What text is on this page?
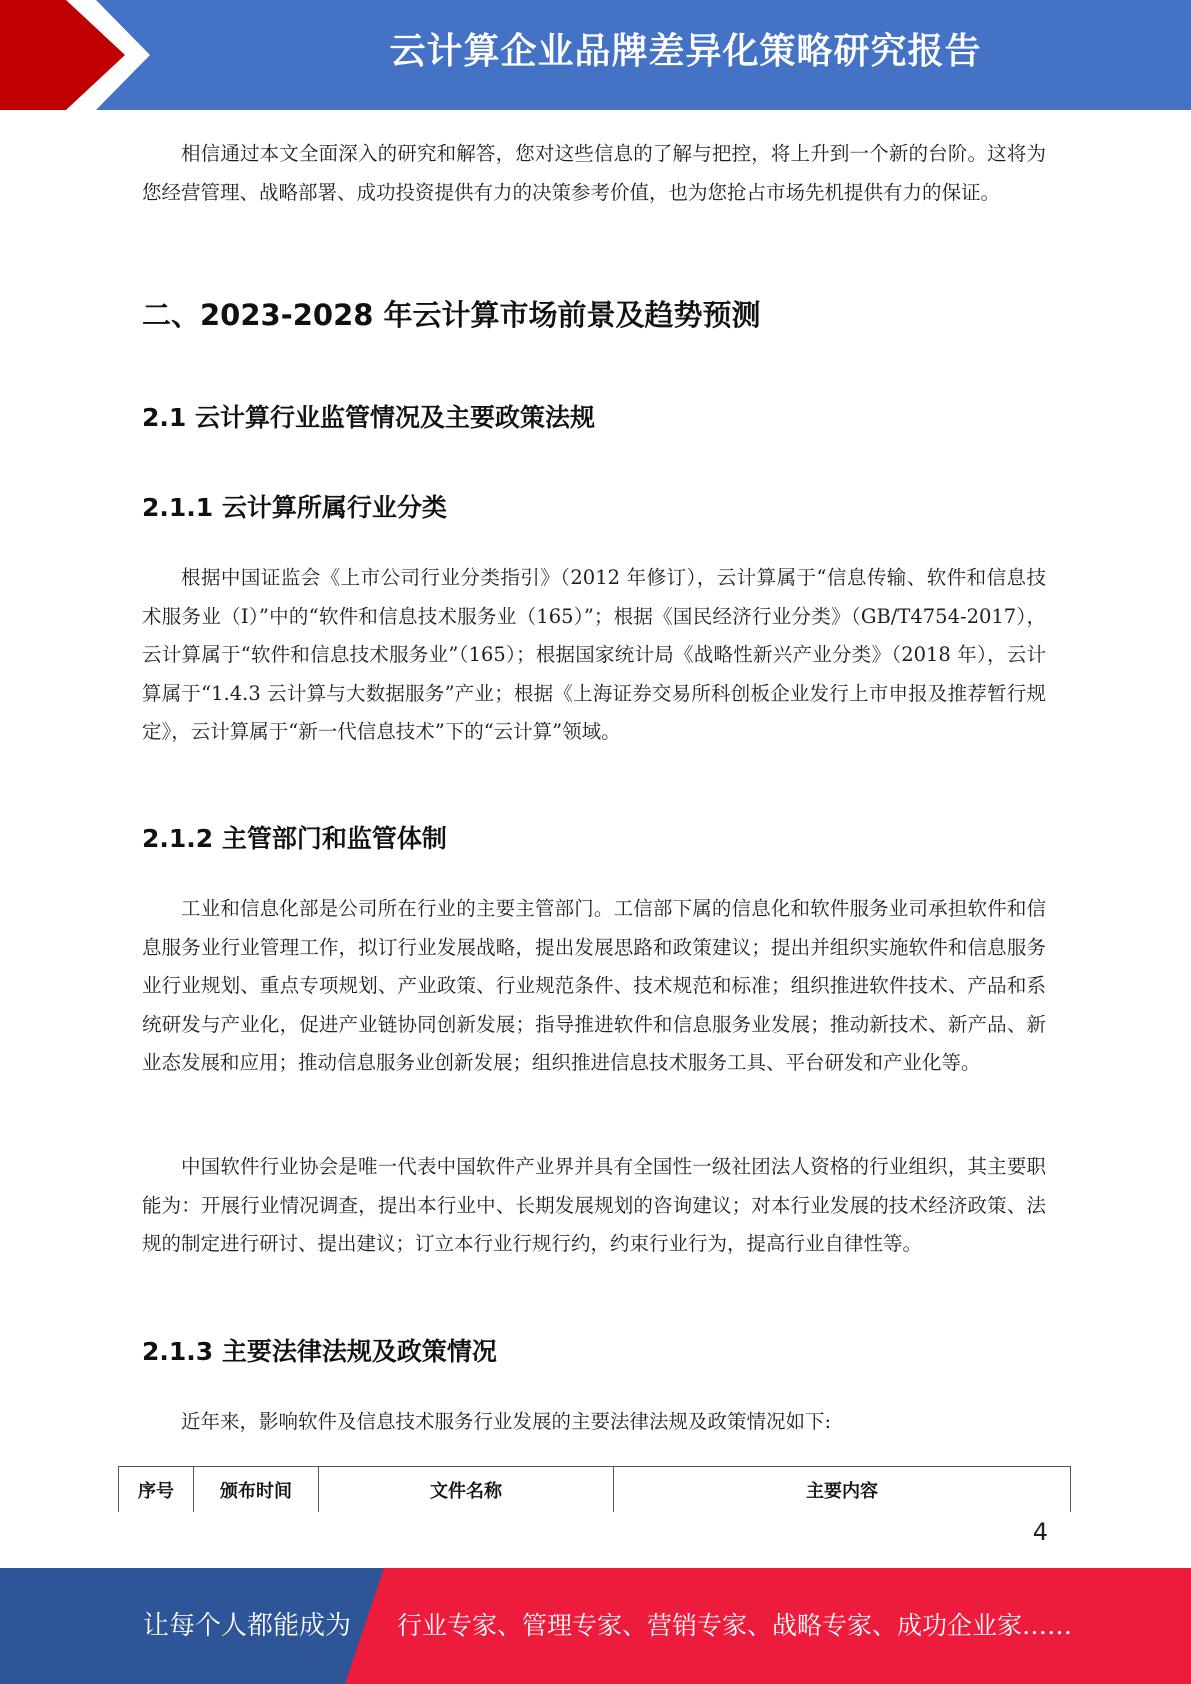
云计算企业品牌差异化策略研究报告

相信通过本文全面深入的研究和解答，您对这些信息的了解与把控，将上升到一个新的台阶。这将为您经营管理、战略部署、成功投资提供有力的决策参考价值，也为您抢占市场先机提供有力的保证。

二、2023-2028 年云计算市场前景及趋势预测
2.1 云计算行业监管情况及主要政策法规
2.1.1 云计算所属行业分类

根据中国证监会《上市公司行业分类指引》（2012 年修订），云计算属于“信息传输、软件和信息技术服务业（I）”中的“软件和信息技术服务业（165）”；根据《国民经济行业分类》（GB/T4754-2017）， 云计算属于“软件和信息技术服务业”（165）；根据国家统计局《战略性新兴产业分类》（2018 年），云计算属于“1.4.3 云计算与大数据服务”产业；根据《上海证券交易所科创板企业发行上市申报及推荐暂行规定》，云计算属于“新一代信息技术”下的“云计算”领域。

2.1.2 主管部门和监管体制

工业和信息化部是公司所在行业的主要主管部门。工信部下属的信息化和软件服务业司承担软件和信息服务业行业管理工作，拟订行业发展战略，提出发展思路和政策建议；提出并组织实施软件和信息服务业行业规划、重点专项规划、产业政策、行业规范条件、技术规范和标准；组织推进软件技术、产品和系统研发与产业化，促进产业链协同创新发展；指导推进软件和信息服务业发展；推动新技术、新产品、新业态发展和应用；推动信息服务业创新发展；组织推进信息技术服务工具、平台研发和产业化等。

中国软件行业协会是唯一代表中国软件产业界并具有全国性一级社团法人资格的行业组织，其主要职能为：开展行业情况调查，提出本行业中、长期发展规划的咨询建议；对本行业发展的技术经济政策、法规的制定进行研讨、提出建议；订立本行业行规行约，约束行业行为，提高行业自律性等。

2.1.3 主要法律法规及政策情况

近年来，影响软件及信息技术服务行业发展的主要法律法规及政策情况如下:

序号	颁布时间	文件名称	主要内容
4
让每个人都能成为 行业专家、管理专家、营销专家、战略专家、成功企业家……
